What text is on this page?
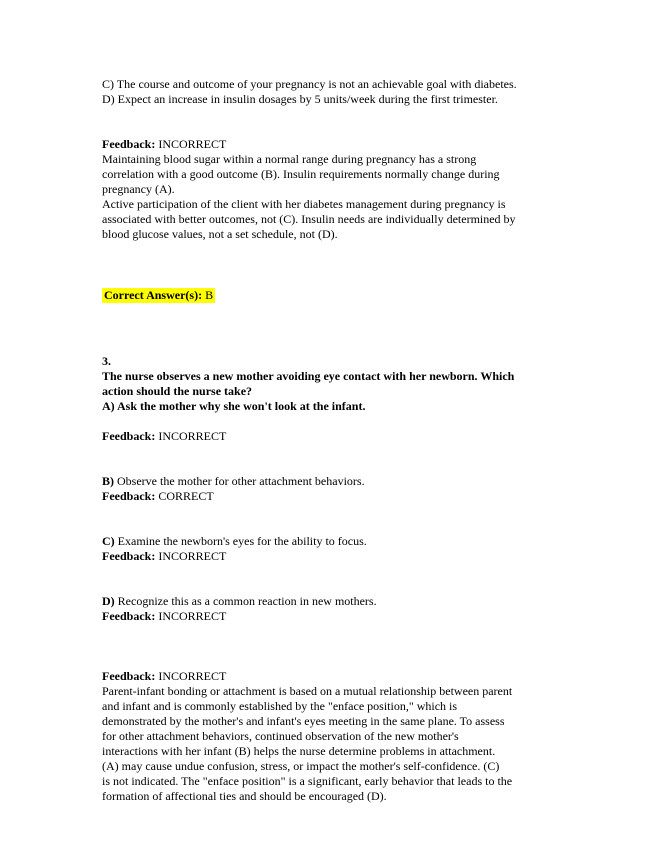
C) The course and outcome of your pregnancy is not an achievable goal with diabetes.
D) Expect an increase in insulin dosages by 5 units/week during the first trimester.
Feedback: INCORRECT
Maintaining blood sugar within a normal range during pregnancy has a strong
correlation with a good outcome (B). Insulin requirements normally change during
pregnancy (A).
Active participation of the client with her diabetes management during pregnancy is
associated with better outcomes, not (C). Insulin needs are individually determined by
blood glucose values, not a set schedule, not (D).
Correct Answer(s): B
3.
The nurse observes a new mother avoiding eye contact with her newborn. Which
action should the nurse take?
A) Ask the mother why she won't look at the infant.
Feedback: INCORRECT
B) Observe the mother for other attachment behaviors.
Feedback: CORRECT
C) Examine the newborn's eyes for the ability to focus.
Feedback: INCORRECT
D) Recognize this as a common reaction in new mothers.
Feedback: INCORRECT
Feedback: INCORRECT
Parent-infant bonding or attachment is based on a mutual relationship between parent
and infant and is commonly established by the "enface position," which is
demonstrated by the mother's and infant's eyes meeting in the same plane. To assess
for other attachment behaviors, continued observation of the new mother's
interactions with her infant (B) helps the nurse determine problems in attachment.
(A) may cause undue confusion, stress, or impact the mother's self-confidence. (C)
is not indicated. The "enface position" is a significant, early behavior that leads to the
formation of affectional ties and should be encouraged (D).
